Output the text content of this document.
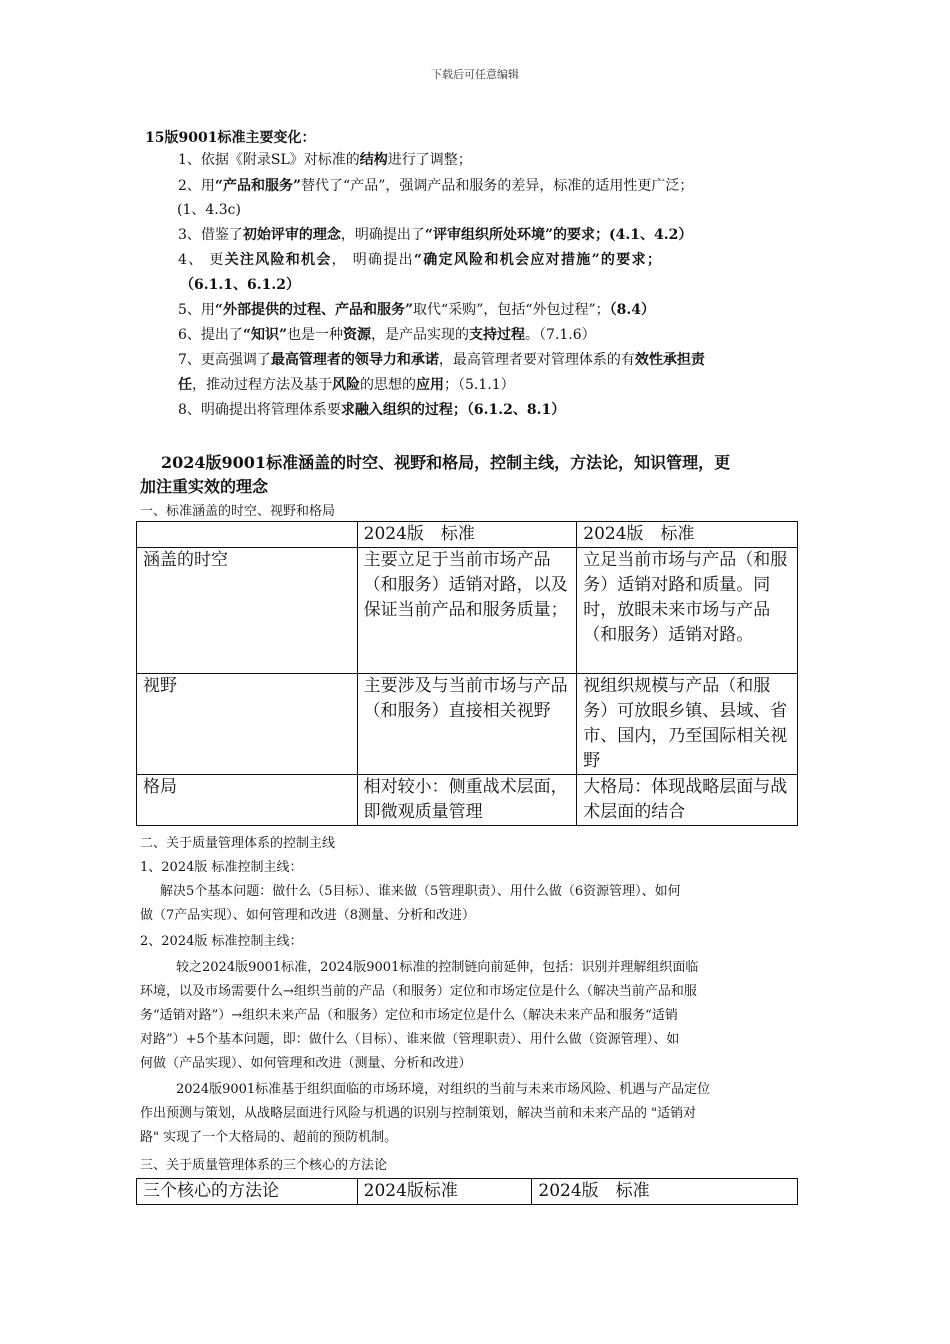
下载后可任意编辑
15版9001标准主要变化：
1、依据《附录SL》对标准的结构进行了调整；
2、用“产品和服务”替代了“产品”，强调产品和服务的差异，标准的适用性更广泛；
(1、4.3c)
3、借鉴了初始评审的理念，明确提出了“评审组织所处环境”的要求；(4.1、4.2）
4、 更关注风险和机会， 明确提出“确定风险和机会应对措施”的要求；
（6.1.1、6.1.2）
5、用“外部提供的过程、产品和服务”取代“采购”，包括“外包过程”；（8.4）
6、提出了“知识”也是一种资源，是产品实现的支持过程。（7.1.6）
7、更高强调了最高管理者的领导力和承诺，最高管理者要对管理体系的有效性承担责
任，推动过程方法及基于风险的思想的应用；（5.1.1）
8、明确提出将管理体系要求融入组织的过程；（6.1.2、8.1）
2024版9001标准涵盖的时空、视野和格局，控制主线，方法论，知识管理，更
加注重实效的理念
一、标准涵盖的时空、视野和格局
	2024版　标准	2024版　标准
涵盖的时空	主要立足于当前市场产品（和服务）适销对路，以及保证当前产品和服务质量；	立足当前市场与产品（和服务）适销对路和质量。同时，放眼未来市场与产品（和服务）适销对路。
视野	主要涉及与当前市场与产品（和服务）直接相关视野	视组织规模与产品（和服务）可放眼乡镇、县域、省市、国内，乃至国际相关视野
格局	相对较小：侧重战术层面，即微观质量管理	大格局：体现战略层面与战术层面的结合
二、关于质量管理体系的控制主线
1、2024版 标准控制主线：
解决5个基本问题：做什么（5目标）、谁来做（5管理职责）、用什么做（6资源管理）、如何
做（7产品实现）、如何管理和改进（8测量、分析和改进）
2、2024版 标准控制主线：
较之2024版9001标准，2024版9001标准的控制链向前延伸，包括：识别并理解组织面临
环境，以及市场需要什么→组织当前的产品（和服务）定位和市场定位是什么（解决当前产品和服
务“适销对路”）→组织未来产品（和服务）定位和市场定位是什么（解决未来产品和服务“适销
对路”）+5个基本问题，即：做什么（目标）、谁来做（管理职责）、用什么做（资源管理）、如
何做（产品实现）、如何管理和改进（测量、分析和改进）
2024版9001标准基于组织面临的市场环境，对组织的当前与未来市场风险、机遇与产品定位
作出预测与策划，从战略层面进行风险与机遇的识别与控制策划，解决当前和未来产品的 "适销对
路" 实现了一个大格局的、超前的预防机制。
三、关于质量管理体系的三个核心的方法论
三个核心的方法论	2024版标准	2024版　标准
